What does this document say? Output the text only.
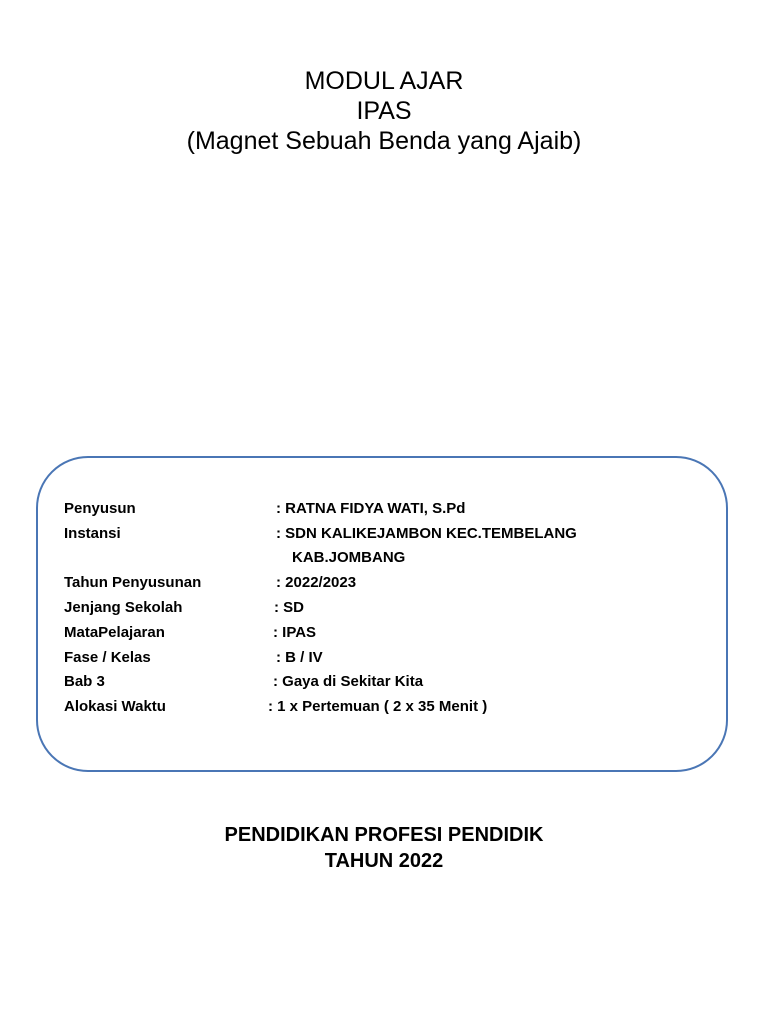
MODUL AJAR
IPAS
(Magnet Sebuah Benda yang Ajaib)
Penyusun	: RATNA FIDYA WATI, S.Pd
Instansi	: SDN KALIKEJAMBON KEC.TEMBELANG
KAB.JOMBANG
Tahun Penyusunan	: 2022/2023
Jenjang Sekolah	: SD
MataPelajaran	: IPAS
Fase / Kelas	: B / IV
Bab 3	: Gaya di Sekitar Kita
Alokasi Waktu	: 1 x Pertemuan ( 2 x 35 Menit )
PENDIDIKAN PROFESI PENDIDIK
TAHUN 2022
